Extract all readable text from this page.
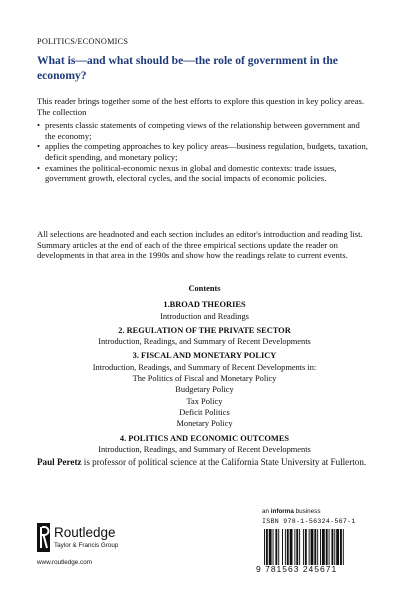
POLITICS/ECONOMICS
What is—and what should be—the role of government in the economy?

This reader brings together some of the best efforts to explore this question in key policy areas. The collection

• presents classic statements of competing views of the relationship between government and the economy;
• applies the competing approaches to key policy areas—business regulation, budgets, taxation, deficit spending, and monetary policy;
• examines the political-economic nexus in global and domestic contexts: trade issues, government growth, electoral cycles, and the social impacts of economic policies.

All selections are headnoted and each section includes an editor's introduction and reading list. Summary articles at the end of each of the three empirical sections update the reader on developments in that area in the 1990s and show how the readings relate to current events.

Contents
1.BROAD THEORIES
Introduction and Readings
2. REGULATION OF THE PRIVATE SECTOR
Introduction, Readings, and Summary of Recent Developments
3. FISCAL AND MONETARY POLICY
Introduction, Readings, and Summary of Recent Developments in:
The Politics of Fiscal and Monetary Policy
Budgetary Policy
Tax Policy
Deficit Politics
Monetary Policy
4. POLITICS AND ECONOMIC OUTCOMES
Introduction, Readings, and Summary of Recent Developments

Paul Peretz is professor of political science at the California State University at Fullerton.

Routledge
Taylor & Francis Group
www.routledge.com
an informa business
ISBN 978-1-56324-567-1
9 781563 245671
